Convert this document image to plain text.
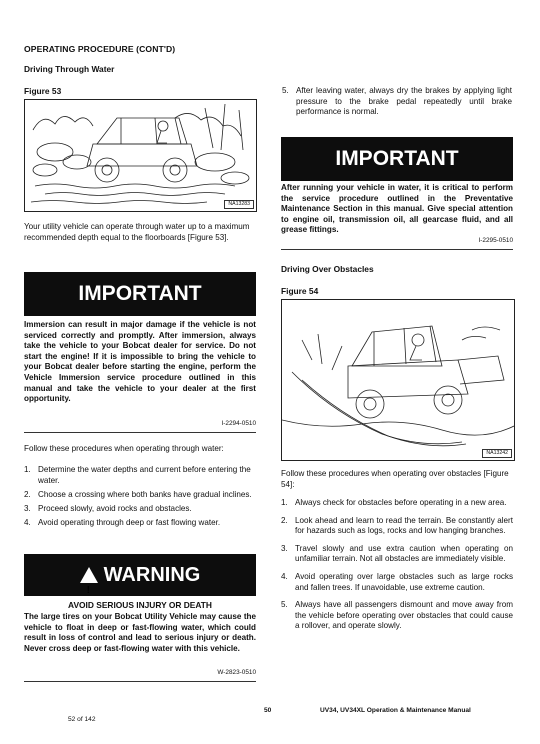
OPERATING PROCEDURE (CONT'D)
Driving Through Water
Figure 53
NA13283
Your utility vehicle can operate through water up to a maximum recommended depth equal to the floorboards [Figure 53].
IMPORTANT
Immersion can result in major damage if the vehicle is not serviced correctly and promptly. After immersion, always take the vehicle to your Bobcat dealer for service. Do not start the engine! If it is impossible to bring the vehicle to your Bobcat dealer before starting the engine, perform the Vehicle Immersion service procedure outlined in this manual and take the vehicle to your dealer at the first opportunity.
I-2294-0510
Follow these procedures when operating through water:
1. Determine the water depths and current before entering the water.
2. Choose a crossing where both banks have gradual inclines.
3. Proceed slowly, avoid rocks and obstacles.
4. Avoid operating through deep or fast flowing water.
!WARNING
AVOID SERIOUS INJURY OR DEATH
The large tires on your Bobcat Utility Vehicle may cause the vehicle to float in deep or fast-flowing water, which could result in loss of control and lead to serious injury or death. Never cross deep or fast-flowing water with this vehicle.
W-2823-0510
5. After leaving water, always dry the brakes by applying light pressure to the brake pedal repeatedly until brake performance is normal.
IMPORTANT
After running your vehicle in water, it is critical to perform the service procedure outlined in the Preventative Maintenance Section in this manual. Give special attention to engine oil, transmission oil, all gearcase fluid, and all grease fittings.
I-2295-0510
Driving Over Obstacles
Figure 54
NA13242
Follow these procedures when operating over obstacles [Figure 54]:
1. Always check for obstacles before operating in a new area.
2. Look ahead and learn to read the terrain. Be constantly alert for hazards such as logs, rocks and low hanging branches.
3. Travel slowly and use extra caution when operating on unfamiliar terrain. Not all obstacles are immediately visible.
4. Avoid operating over large obstacles such as large rocks and fallen trees. If unavoidable, use extreme caution.
5. Always have all passengers dismount and move away from the vehicle before operating over obstacles that could cause a rollover, and operate slowly.
52 of 142
50	UV34, UV34XL Operation & Maintenance Manual
